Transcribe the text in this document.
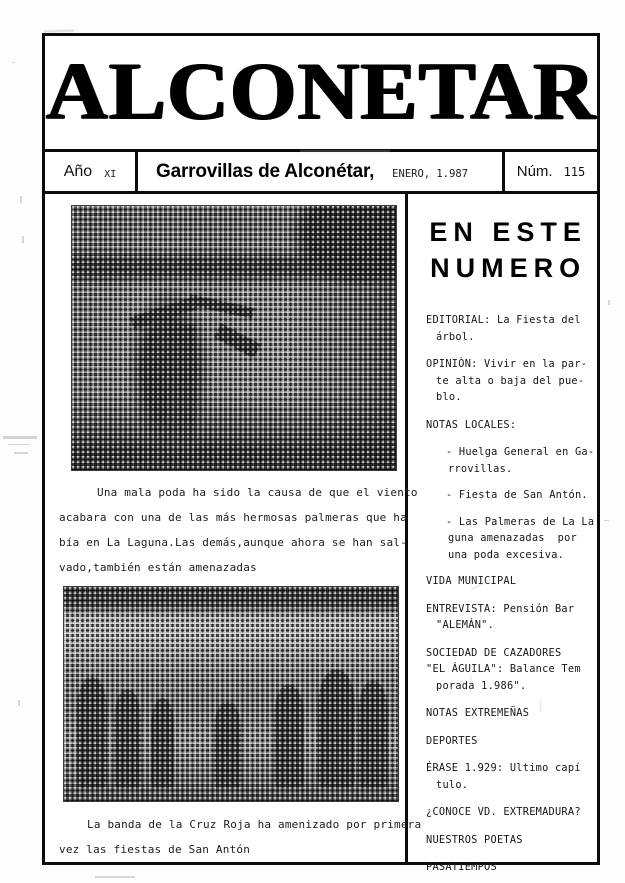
ALCONETAR
Año XI Garrovillas de Alconétar, ENERO, 1.987	Núm. 115
Una mala poda ha sido la causa de que el viento
acabara con una de las más hermosas palmeras que ha
bía en La Laguna.Las demás,aunque ahora se han sal-
vado,también están amenazadas
La banda de la Cruz Roja ha amenizado por primera
vez las fiestas de San Antón
EN ESTE
NUMERO
EDITORIAL: La Fiesta del
árbol.
OPINIÒN: Vivir en la par-
te alta o baja del pue-
blo.
NOTAS LOCALES:
- Huelga General en Ga-
rrovillas.
- Fiesta de San Antón.
- Las Palmeras de La La
guna amenazadas  por
una poda excesiva.
VIDA MUNICIPAL
ENTREVISTA: Pensión Bar
"ALEMÁN".
SOCIEDAD DE CAZADORES
"EL ÁGUILA": Balance Tem
porada 1.986".
NOTAS EXTREMEÑAS
DEPORTES
ÉRASE 1.929: Ultimo capí
tulo.
¿CONOCE VD. EXTREMADURA?
NUESTROS POETAS
PASATIEMPOS
